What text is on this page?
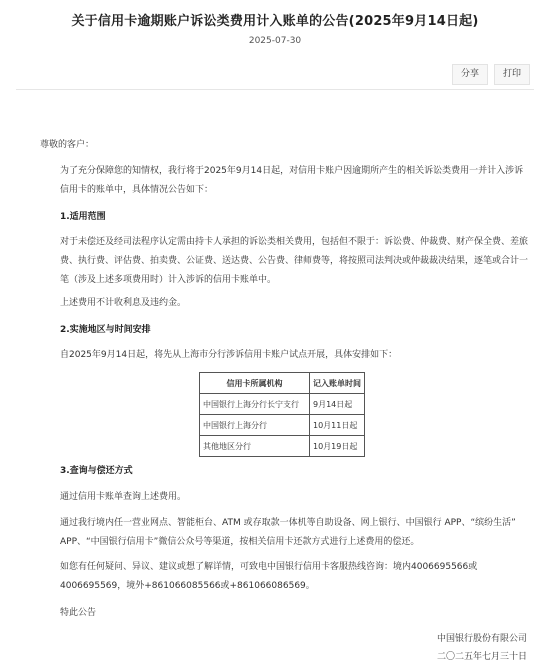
关于信用卡逾期账户诉讼类费用计入账单的公告(2025年9月14日起)
2025-07-30
分享	打印
尊敬的客户：
为了充分保障您的知情权，我行将于2025年9月14日起，对信用卡账户因逾期所产生的相关诉讼类费用一并计入涉诉信用卡的账单中，具体情况公告如下：
1.适用范围
对于未偿还及经司法程序认定需由持卡人承担的诉讼类相关费用，包括但不限于：诉讼费、仲裁费、财产保全费、差旅费、执行费、评估费、拍卖费、公证费、送达费、公告费、律师费等，将按照司法判决或仲裁裁决结果，逐笔或合计一笔（涉及上述多项费用时）计入涉诉的信用卡账单中。
上述费用不计收利息及违约金。
2.实施地区与时间安排
自2025年9月14日起，将先从上海市分行涉诉信用卡账户试点开展，具体安排如下：
信用卡所属机构	记入账单时间
中国银行上海分行长宁支行	9月14日起
中国银行上海分行	10月11日起
其他地区分行	10月19日起
3.查询与偿还方式
通过信用卡账单查询上述费用。
通过我行境内任一营业网点、智能柜台、ATM 或存取款一体机等自助设备、网上银行、中国银行 APP、“缤纷生活” APP、“中国银行信用卡”微信公众号等渠道，按相关信用卡还款方式进行上述费用的偿还。
如您有任何疑问、异议、建议或想了解详情，可致电中国银行信用卡客服热线咨询：境内4006695566或4006695569，境外+861066085566或+861066086569。
特此公告
中国银行股份有限公司
二〇二五年七月三十日
